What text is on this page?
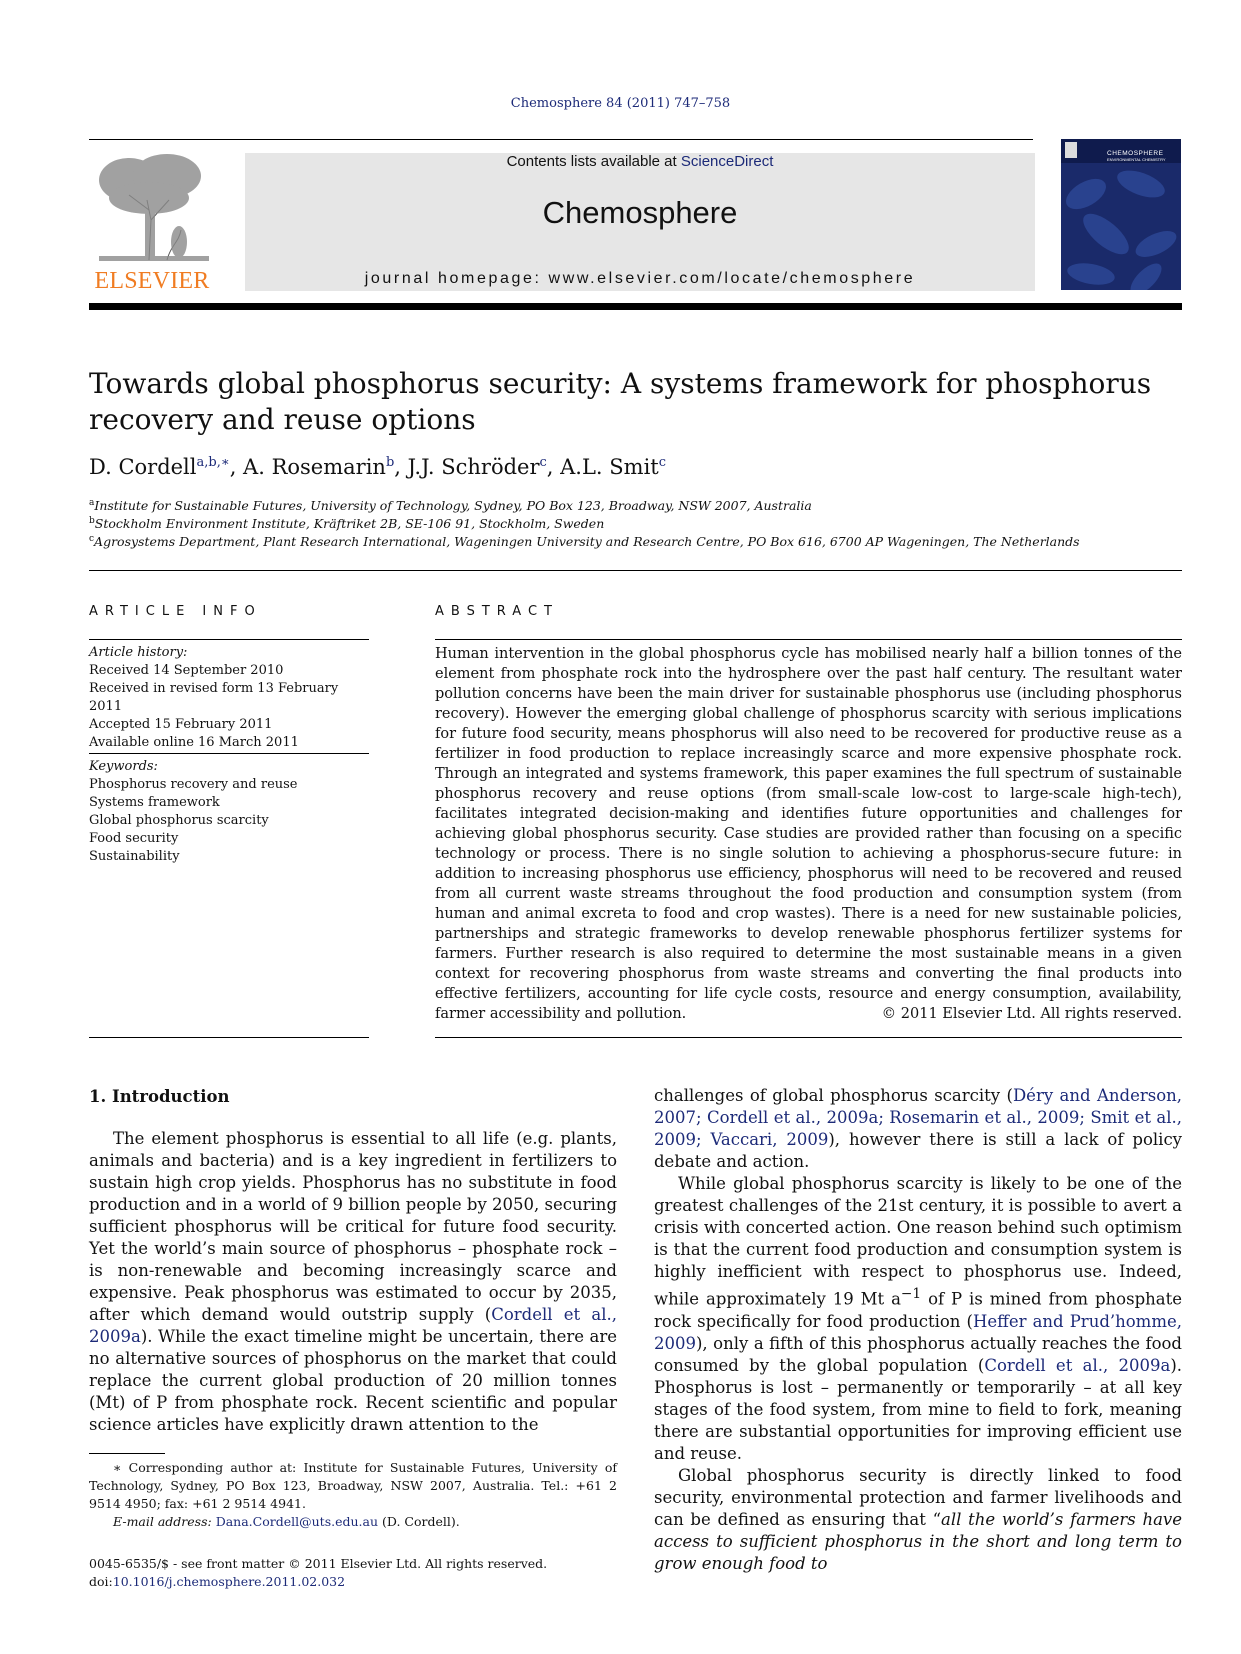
Chemosphere 84 (2011) 747–758
ELSEVIER
Contents lists available at ScienceDirect
Chemosphere
journal homepage: www.elsevier.com/locate/chemosphere
CHEMOSPHERE
ENVIRONMENTAL CHEMISTRY
Towards global phosphorus security: A systems framework for phosphorus recovery and reuse options
D. Cordell$^{a,b,∗}$, A. Rosemarin$^b$, J.J. Schröder$^c$, A.L. Smit$^c$
$^a$Institute for Sustainable Futures, University of Technology, Sydney, PO Box 123, Broadway, NSW 2007, Australia
$^b$Stockholm Environment Institute, Kräftriket 2B, SE-106 91, Stockholm, Sweden
$^c$Agrosystems Department, Plant Research International, Wageningen University and Research Centre, PO Box 616, 6700 AP Wageningen, The Netherlands
ARTICLE INFO
Article history:
Received 14 September 2010
Received in revised form 13 February 2011
Accepted 15 February 2011
Available online 16 March 2011
Keywords:
Phosphorus recovery and reuse
Systems framework
Global phosphorus scarcity
Food security
Sustainability
ABSTRACT

Human intervention in the global phosphorus cycle has mobilised nearly half a billion tonnes of the element from phosphate rock into the hydrosphere over the past half century. The resultant water pollution concerns have been the main driver for sustainable phosphorus use (including phosphorus recovery). However the emerging global challenge of phosphorus scarcity with serious implications for future food security, means phosphorus will also need to be recovered for productive reuse as a fertilizer in food production to replace increasingly scarce and more expensive phosphate rock. Through an integrated and systems framework, this paper examines the full spectrum of sustainable phosphorus recovery and reuse options (from small-scale low-cost to large-scale high-tech), facilitates integrated decision-making and identifies future opportunities and challenges for achieving global phosphorus security. Case studies are provided rather than focusing on a specific technology or process. There is no single solution to achieving a phosphorus-secure future: in addition to increasing phosphorus use efficiency, phosphorus will need to be recovered and reused from all current waste streams throughout the food production and consumption system (from human and animal excreta to food and crop wastes). There is a need for new sustainable policies, partnerships and strategic frameworks to develop renewable phosphorus fertilizer systems for farmers. Further research is also required to determine the most sustainable means in a given context for recovering phosphorus from waste streams and converting the final products into effective fertilizers, accounting for life cycle costs, resource and energy consumption, availability, farmer accessibility and pollution.	© 2011 Elsevier Ltd. All rights reserved.
1. Introduction

The element phosphorus is essential to all life (e.g. plants, animals and bacteria) and is a key ingredient in fertilizers to sustain high crop yields. Phosphorus has no substitute in food production and in a world of 9 billion people by 2050, securing sufficient phosphorus will be critical for future food security. Yet the world’s main source of phosphorus – phosphate rock – is non-renewable and becoming increasingly scarce and expensive. Peak phosphorus was estimated to occur by 2035, after which demand would outstrip supply (Cordell et al., 2009a). While the exact timeline might be uncertain, there are no alternative sources of phosphorus on the market that could replace the current global production of 20 million tonnes (Mt) of P from phosphate rock. Recent scientific and popular science articles have explicitly drawn attention to the

challenges of global phosphorus scarcity (Déry and Anderson, 2007; Cordell et al., 2009a; Rosemarin et al., 2009; Smit et al., 2009; Vaccari, 2009), however there is still a lack of policy debate and action.

While global phosphorus scarcity is likely to be one of the greatest challenges of the 21st century, it is possible to avert a crisis with concerted action. One reason behind such optimism is that the current food production and consumption system is highly inefficient with respect to phosphorus use. Indeed, while approximately 19 Mt $a^{-1}$ of P is mined from phosphate rock specifically for food production (Heffer and Prud’homme, 2009), only a fifth of this phosphorus actually reaches the food consumed by the global population (Cordell et al., 2009a). Phosphorus is lost – permanently or temporarily – at all key stages of the food system, from mine to field to fork, meaning there are substantial opportunities for improving efficient use and reuse.

Global phosphorus security is directly linked to food security, environmental protection and farmer livelihoods and can be defined as ensuring that “all the world’s farmers have access to sufficient phosphorus in the short and long term to grow enough food to

∗ Corresponding author at: Institute for Sustainable Futures, University of Technology, Sydney, PO Box 123, Broadway, NSW 2007, Australia. Tel.: +61 2 9514 4950; fax: +61 2 9514 4941.

E-mail address: Dana.Cordell@uts.edu.au (D. Cordell).

0045-6535/$ - see front matter © 2011 Elsevier Ltd. All rights reserved.
doi:10.1016/j.chemosphere.2011.02.032
